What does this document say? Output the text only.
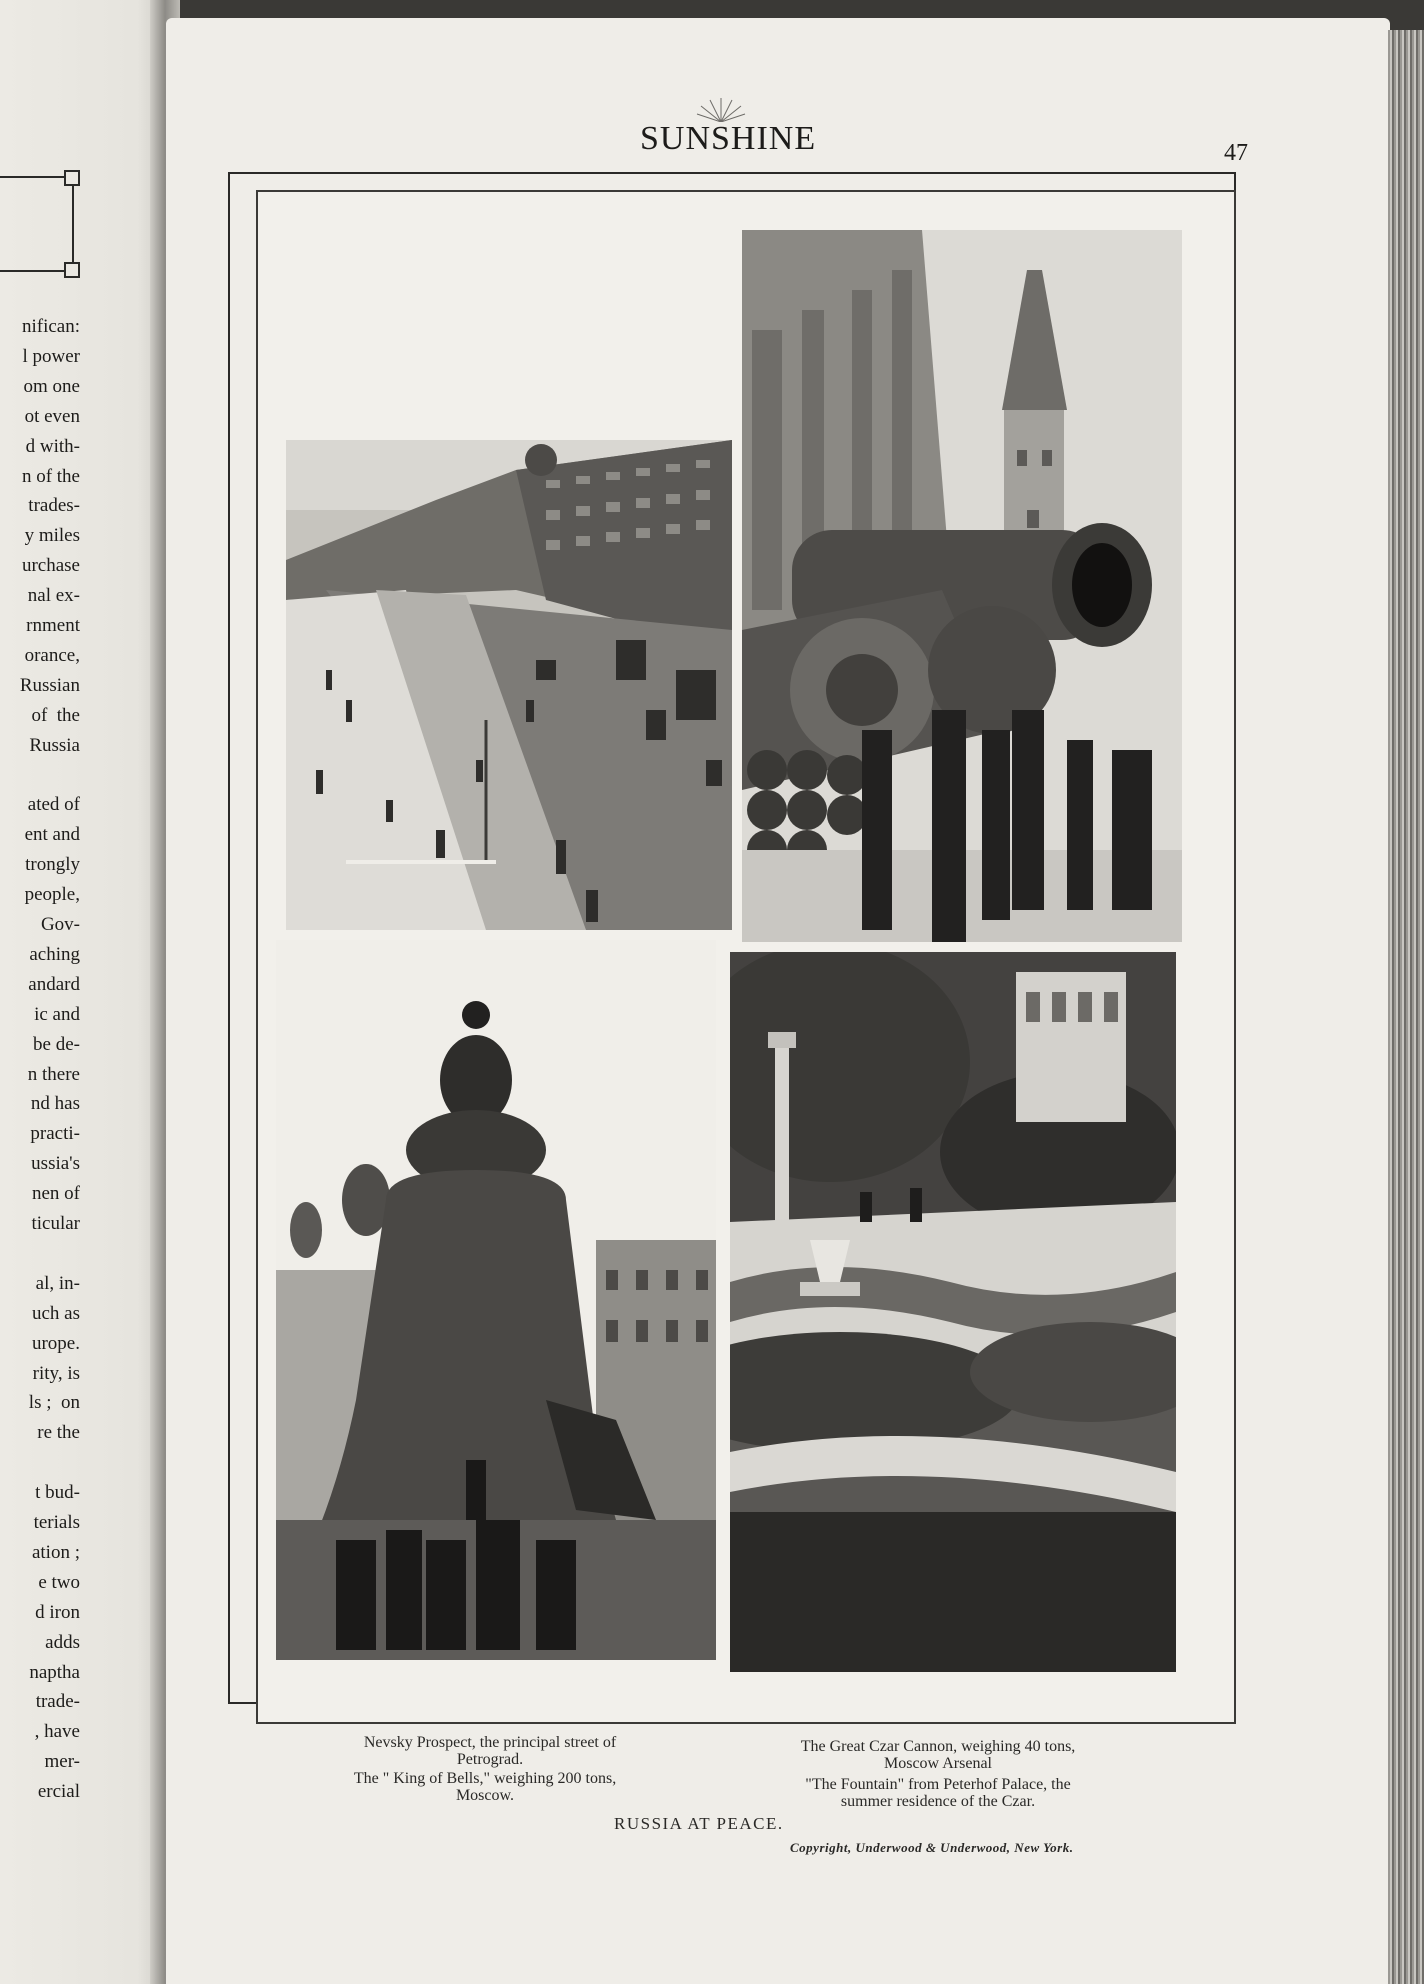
nifican:
l power
om one
ot even
d with-
n of the
trades-
y miles
urchase
nal ex-
rnment
orance,
Russian
of  the
Russia
ated of
ent and
trongly
people,
Gov-
aching
andard
ic and
be de-
n there
nd has
practi-
ussia's
nen of
ticular
al, in-
uch as
urope.
rity, is
ls ;  on
re the
t bud-
terials
ation ;
e two
d iron
adds
naptha
trade-
, have
mer-
ercial
SUNSHINE	47
Nevsky Prospect, the principal street of
Petrograd.
The " King of Bells," weighing 200 tons,
Moscow.
The Great Czar Cannon, weighing 40 tons,
Moscow Arsenal
"The Fountain" from Peterhof Palace, the
summer residence of the Czar.
RUSSIA AT PEACE.
Copyright, Underwood & Underwood, New York.
